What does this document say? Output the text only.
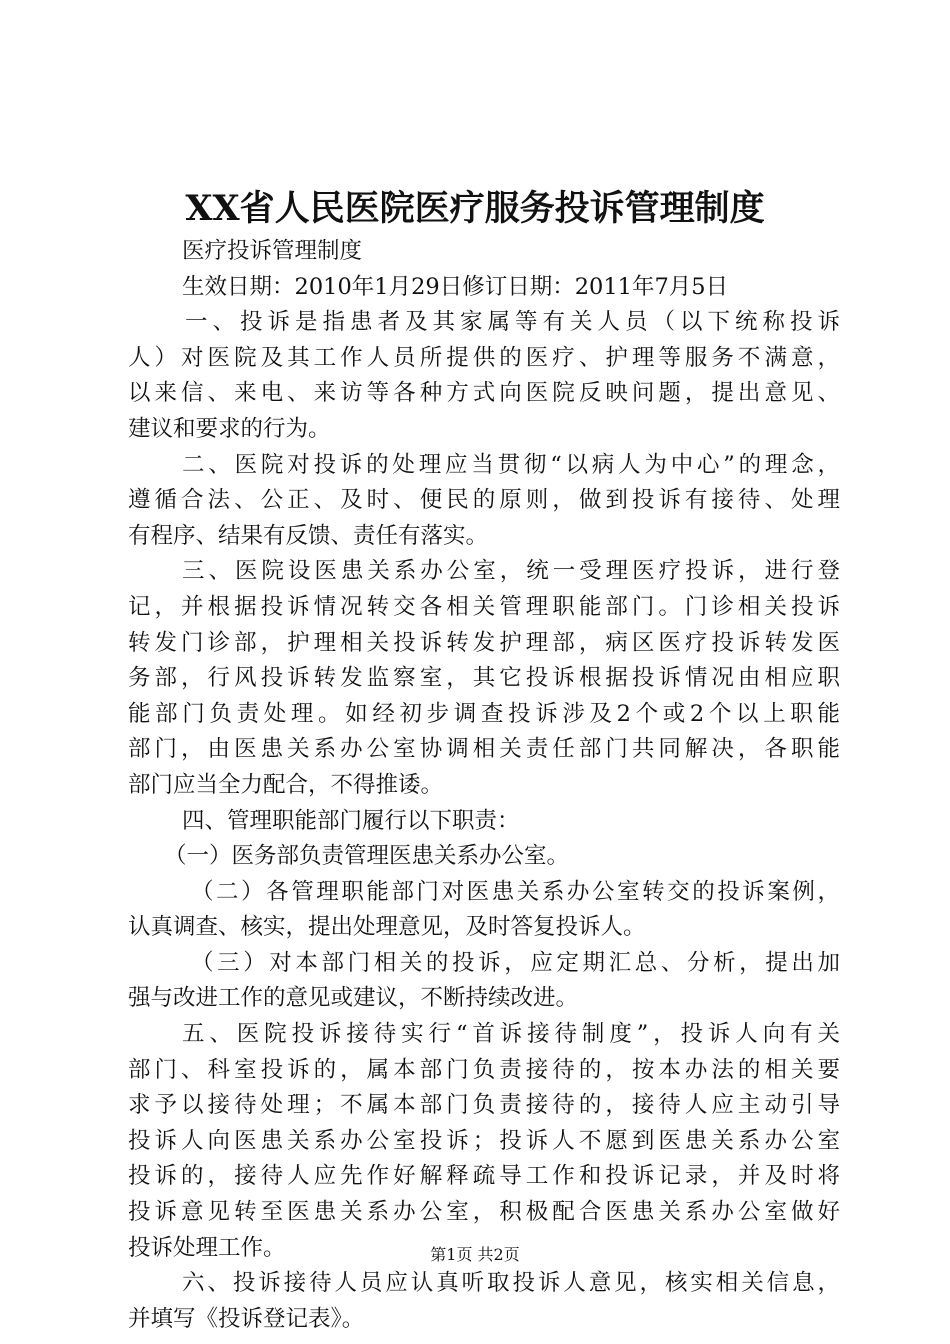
XX省人民医院医疗服务投诉管理制度
医疗投诉管理制度
生效日期：2010年1月29日修订日期：2011年7月5日
一、投诉是指患者及其家属等有关人员（以下统称投诉
人）对医院及其工作人员所提供的医疗、护理等服务不满意，
以来信、来电、来访等各种方式向医院反映问题，提出意见、
建议和要求的行为。
二、医院对投诉的处理应当贯彻“以病人为中心”的理念，
遵循合法、公正、及时、便民的原则，做到投诉有接待、处理
有程序、结果有反馈、责任有落实。
三、医院设医患关系办公室，统一受理医疗投诉，进行登
记，并根据投诉情况转交各相关管理职能部门。门诊相关投诉
转发门诊部，护理相关投诉转发护理部，病区医疗投诉转发医
务部，行风投诉转发监察室，其它投诉根据投诉情况由相应职
能部门负责处理。如经初步调查投诉涉及2个或2个以上职能
部门，由医患关系办公室协调相关责任部门共同解决，各职能
部门应当全力配合，不得推诿。
四、管理职能部门履行以下职责：
（一）医务部负责管理医患关系办公室。
（二）各管理职能部门对医患关系办公室转交的投诉案例，
认真调查、核实，提出处理意见，及时答复投诉人。
（三）对本部门相关的投诉，应定期汇总、分析，提出加
强与改进工作的意见或建议，不断持续改进。
五、医院投诉接待实行“首诉接待制度”，投诉人向有关
部门、科室投诉的，属本部门负责接待的，按本办法的相关要
求予以接待处理；不属本部门负责接待的，接待人应主动引导
投诉人向医患关系办公室投诉；投诉人不愿到医患关系办公室
投诉的，接待人应先作好解释疏导工作和投诉记录，并及时将
投诉意见转至医患关系办公室，积极配合医患关系办公室做好
投诉处理工作。
六、投诉接待人员应认真听取投诉人意见，核实相关信息，
并填写《投诉登记表》。
第1页 共2页
